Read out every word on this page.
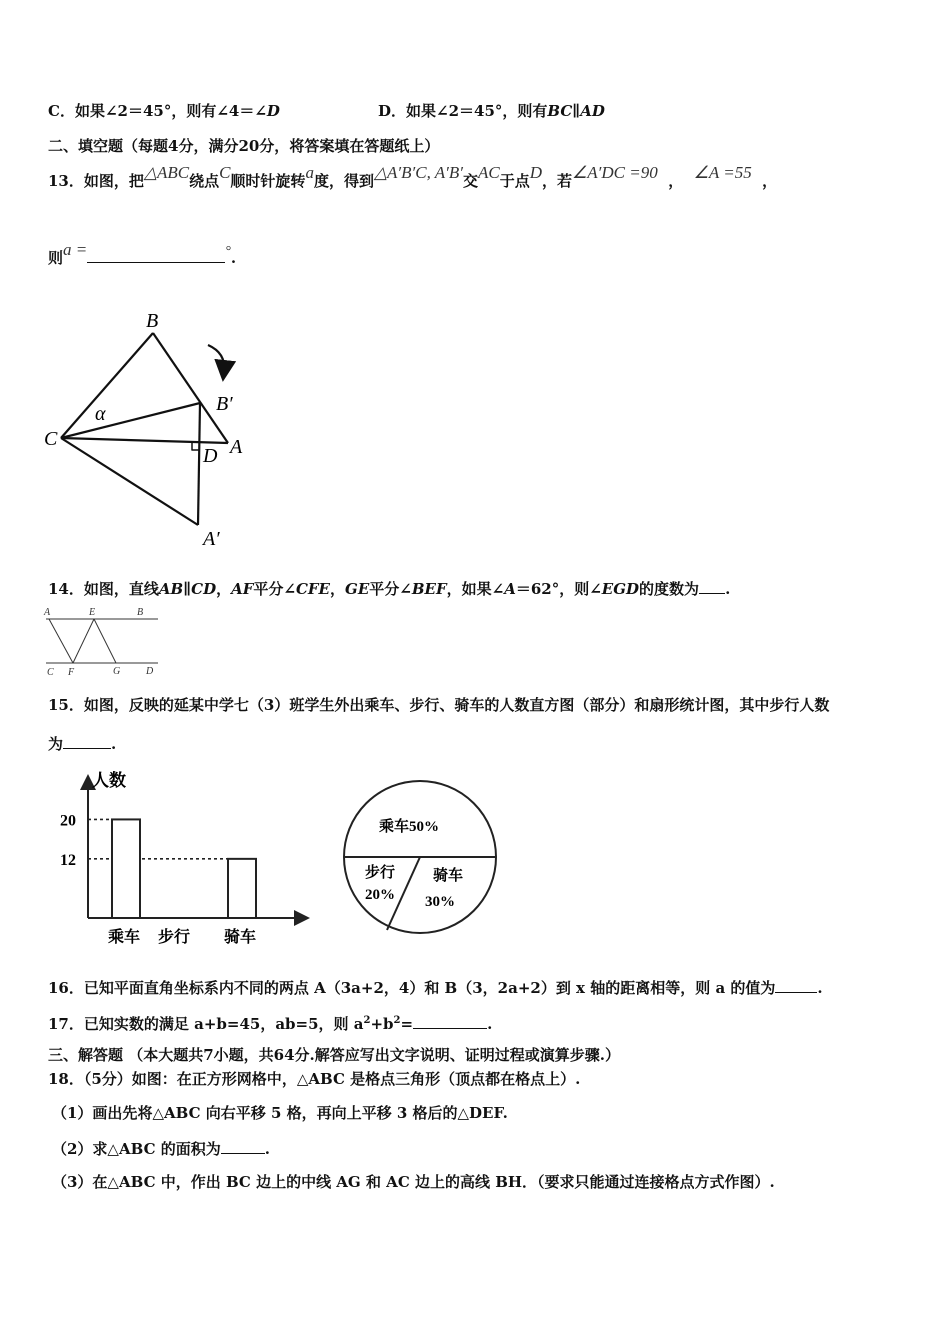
C．如果∠2＝45°，则有∠4＝∠D	D．如果∠2＝45°，则有BC∥AD
二、填空题（每题4分，满分20分，将答案填在答题纸上）
13．如图，把△ABC绕点C顺时针旋转a度，得到△A′B′C, A′B′交AC于点D，若∠A′DC =90 ， ∠A =55 ，
则a =	°.
B
B′
C
α
D A
A′
14．如图，直线AB∥CD，AF平分∠CFE，GE平分∠BEF，如果∠A＝62°，则∠EGD的度数为 .
A	E	B
C F	G	D
15．如图，反映的延某中学七（3）班学生外出乘车、步行、骑车的人数直方图（部分）和扇形统计图，其中步行人数
为	.
人数
20
12
乘车 步行 骑车
乘车50%
步行
20%
骑车
30%
16．已知平面直角坐标系内不同的两点 A（3a+2，4）和 B（3，2a+2）到 x 轴的距离相等，则 a 的值为	.
17．已知实数的满足 a+b=45，ab=5，则 $a^2+b^2=$	.
三、解答题 （本大题共7小题，共64分.解答应写出文字说明、证明过程或演算步骤.）
18．（5分）如图：在正方形网格中，△ABC 是格点三角形（顶点都在格点上）.
（1）画出先将△ABC 向右平移 5 格，再向上平移 3 格后的△DEF.
（2）求△ABC 的面积为	.
（3）在△ABC 中，作出 BC 边上的中线 AG 和 AC 边上的高线 BH．（要求只能通过连接格点方式作图）.
